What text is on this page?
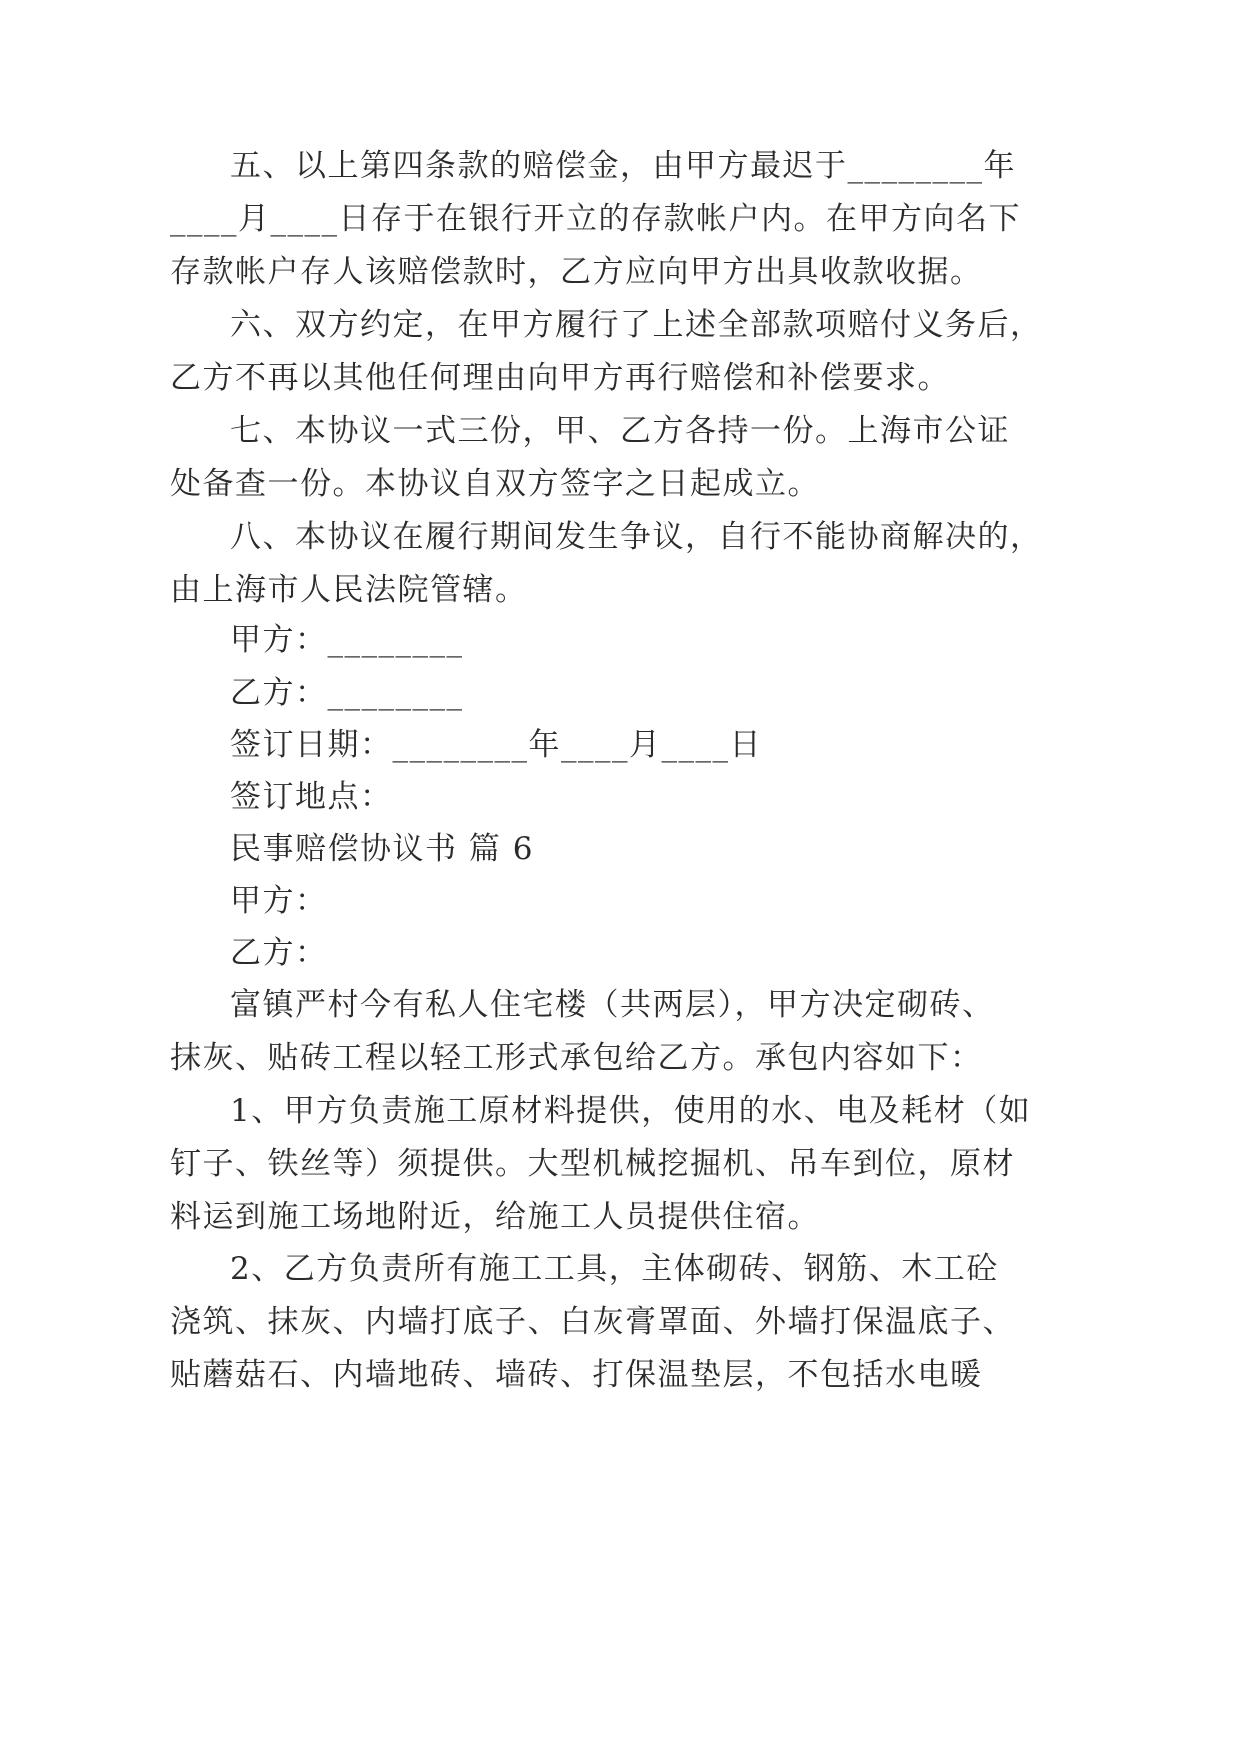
五、以上第四条款的赔偿金，由甲方最迟于________年
____月____日存于在银行开立的存款帐户内。在甲方向名下
存款帐户存人该赔偿款时，乙方应向甲方出具收款收据。
六、双方约定，在甲方履行了上述全部款项赔付义务后，
乙方不再以其他任何理由向甲方再行赔偿和补偿要求。
七、本协议一式三份，甲、乙方各持一份。上海市公证
处备查一份。本协议自双方签字之日起成立。
八、本协议在履行期间发生争议，自行不能协商解决的，
由上海市人民法院管辖。
甲方：________
乙方：________
签订日期：________年____月____日
签订地点：
民事赔偿协议书 篇 6
甲方：
乙方：
富镇严村今有私人住宅楼（共两层），甲方决定砌砖、
抹灰、贴砖工程以轻工形式承包给乙方。承包内容如下：
1、甲方负责施工原材料提供，使用的水、电及耗材（如
钉子、铁丝等）须提供。大型机械挖掘机、吊车到位，原材
料运到施工场地附近，给施工人员提供住宿。
2、乙方负责所有施工工具，主体砌砖、钢筋、木工砼
浇筑、抹灰、内墙打底子、白灰膏罩面、外墙打保温底子、
贴蘑菇石、内墙地砖、墙砖、打保温垫层，不包括水电暖
